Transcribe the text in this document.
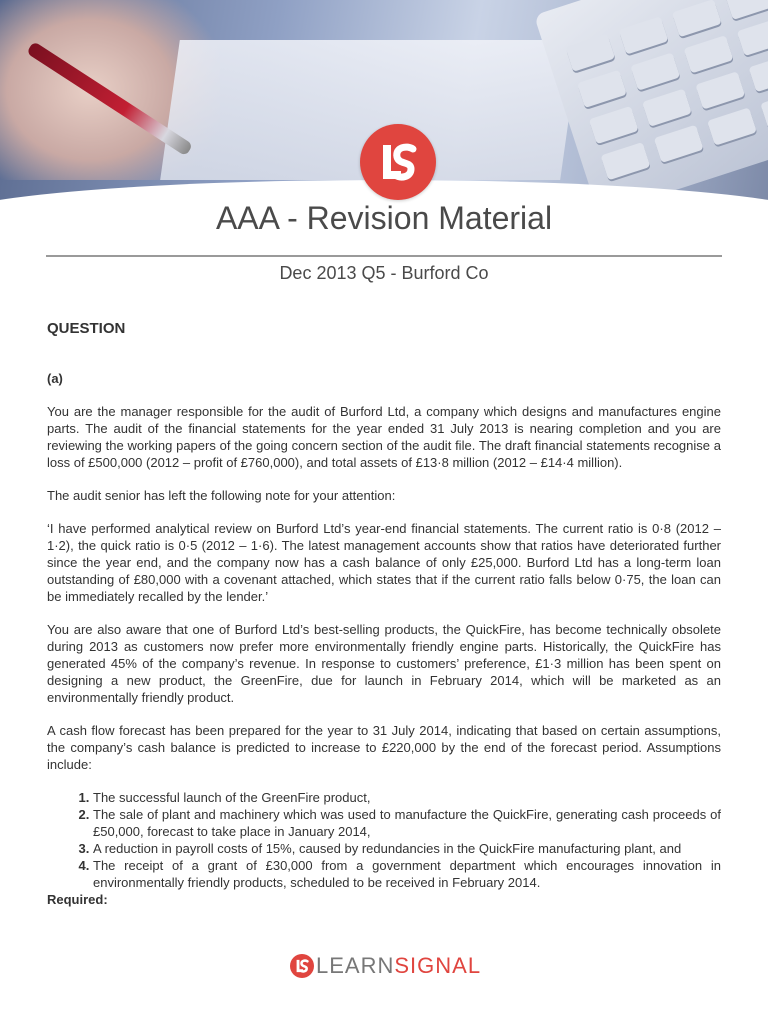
AAA - Revision Material
Dec 2013 Q5 - Burford Co

QUESTION

(a)

You are the manager responsible for the audit of Burford Ltd, a company which designs and manufactures engine parts. The audit of the financial statements for the year ended 31 July 2013 is nearing completion and you are reviewing the working papers of the going concern section of the audit file. The draft financial statements recognise a loss of £500,000 (2012 – profit of £760,000), and total assets of £13·8 million (2012 – £14·4 million).

The audit senior has left the following note for your attention:

‘I have performed analytical review on Burford Ltd’s year-end financial statements. The current ratio is 0·8 (2012 – 1·2), the quick ratio is 0·5 (2012 – 1·6). The latest management accounts show that ratios have deteriorated further since the year end, and the company now has a cash balance of only £25,000. Burford Ltd has a long-term loan outstanding of £80,000 with a covenant attached, which states that if the current ratio falls below 0·75, the loan can be immediately recalled by the lender.’

You are also aware that one of Burford Ltd’s best-selling products, the QuickFire, has become technically obsolete during 2013 as customers now prefer more environmentally friendly engine parts. Historically, the QuickFire has generated 45% of the company’s revenue. In response to customers’ preference, £1·3 million has been spent on designing a new product, the GreenFire, due for launch in February 2014, which will be marketed as an environmentally friendly product.

A cash flow forecast has been prepared for the year to 31 July 2014, indicating that based on certain assumptions, the company’s cash balance is predicted to increase to £220,000 by the end of the forecast period. Assumptions include:

1. The successful launch of the GreenFire product,
2. The sale of plant and machinery which was used to manufacture the QuickFire, generating cash proceeds of £50,000, forecast to take place in January 2014,
3. A reduction in payroll costs of 15%, caused by redundancies in the QuickFire manufacturing plant, and
4. The receipt of a grant of £30,000 from a government department which encourages innovation in environmentally friendly products, scheduled to be received in February 2014.

Required:

LEARN SIGNAL
